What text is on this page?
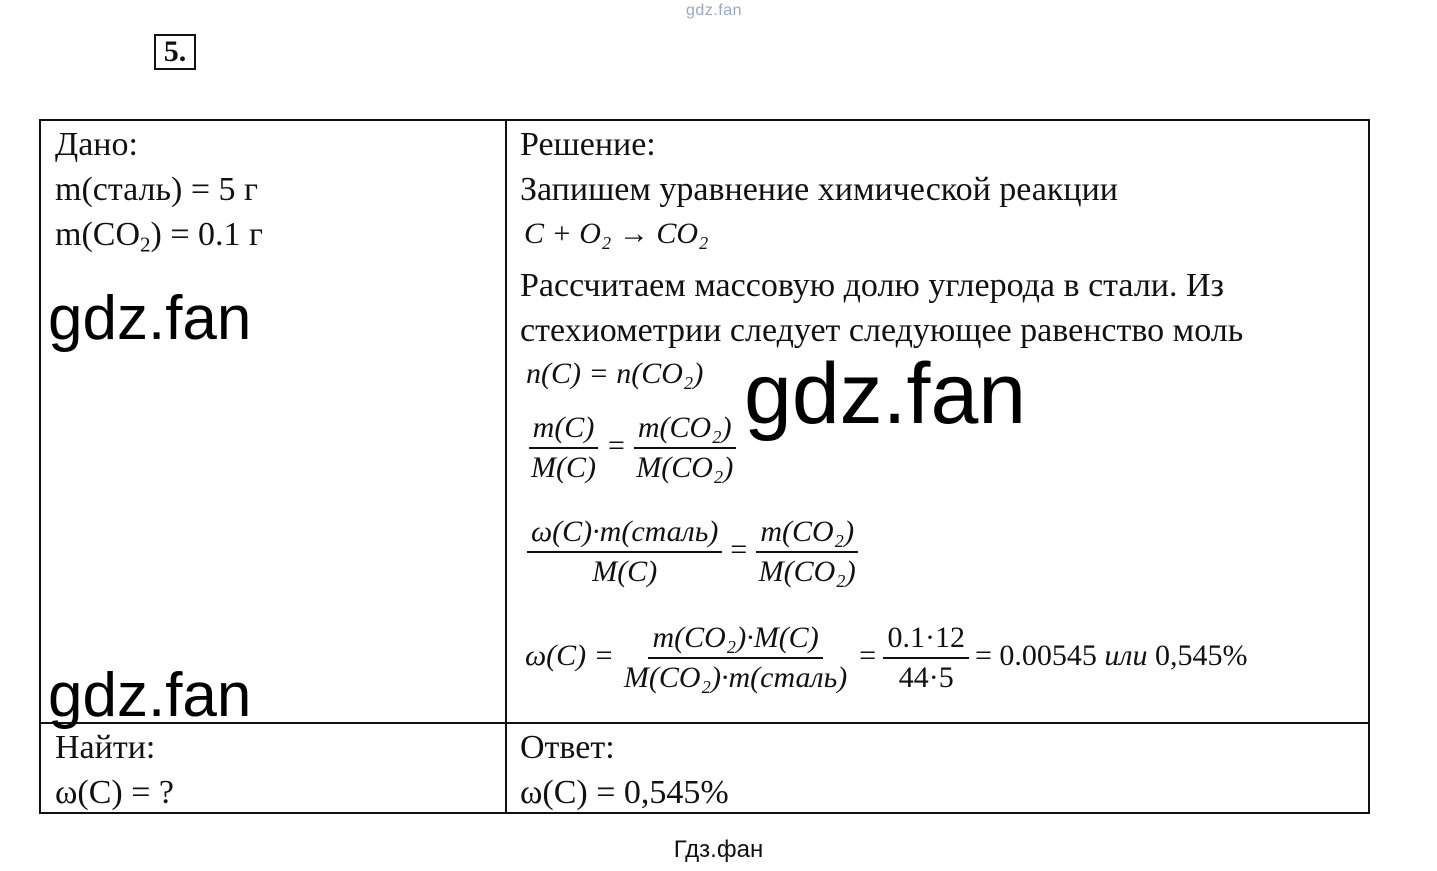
gdz.fan
5.
Дано:
m(сталь) = 5 г
$m(CO_2) = 0.1$ г
Найти:
ω(C) = ?
Решение:
Запишем уравнение химической реакции
C + O₂ → CO₂
Рассчитаем массовую долю углерода в стали. Из
стехиометрии следует следующее равенство моль
n(C) = n(CO₂)
$\frac{m(C)}{M(C)} = \frac{\text{m(CO₂)}}{\text{M(CO₂)}}$
$\frac{\text{ω(C)·m(сталь)}}{M(C)} = \frac{\text{m(CO₂)}}{\text{M(CO₂)}}$
$\omega(C) = \frac{\text{m(CO₂)·M(C)}}{\text{M(CO₂)·m(сталь)}} = \frac{0.1\cdot 12}{44\cdot 5} = 0.00545$ или 0,545%
Ответ:
ω(C) = 0,545%
gdz.fan
gdz.fan
gdz.fan
Гдз.фан
